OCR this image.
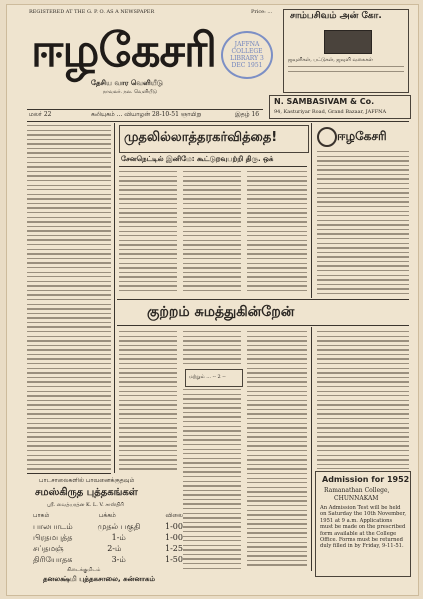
REGISTERED AT THE G. P. O. AS A NEWSPAPER	Price: ...
ஈழகேசரி
தேசிய வார வெளியீடு
நாவலர். நல. வெளியீடு
JAFFNA COLLEGE LIBRARY 3 DEC 1951
சாம்பசிவம் அன் கோ.
ஜவுளிகள், பட்டுகள், ஜவுளி வகைகள்
N. SAMBASIVAM & Co.
94, Kasturiyar Road, Grand Bazaar, JAFFNA
மலர் 22	கலியுகம் ... வியாழன் 28-10-51 ஞாயிறு	இதழ் 16
முதலில்லாத்தரகர்வித்தை!
சேனநெட்டில் இனிமே: கூட்டுறவுபற்றி திரு. ஒக்
ஈழகேசரி
குற்றம் சுமத்துகின்றேன்
மற்றும் ... -- 2 --
பாடசாலைகளில் பாவனைக்குதவும்
சமஸ்கிருத புத்தகங்கள்
ஸ்ரீ. வைத்யரத்ன K. L. V. சாஸ்திரி
பாகம்	பக்கம்	விலை
பாலபாடம்	முதல் பகுதி	1-00
பிரதமபுத்த	1-ம்	1-00
சப்தமஞ்	2-ம்	1-25
திரியோதக	3-ம்	1-50
கிடைக்குமிடம்
தனலக்ஷ்மி புத்தகசாலை, சுன்னாகம்
Admission for 1952
Ramanathan College,
CHUNNAKAM
An Admission Test will be held on Saturday the 10th November, 1951 at 9 a.m. Applications must be made on the prescribed form available at the College Office. Forms must be returned duly filled in by Friday, 9-11-51.
